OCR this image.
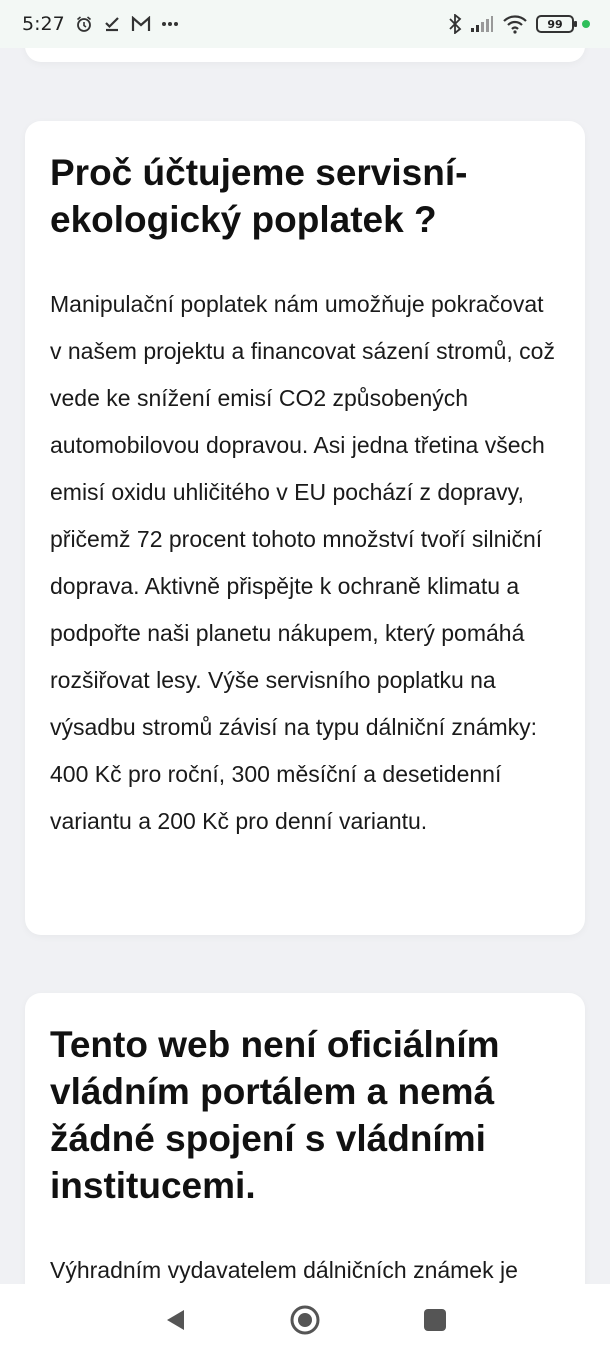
5:27	99
Proč účtujeme servisní-ekologický poplatek ?

Manipulační poplatek nám umožňuje pokračovat v našem projektu a financovat sázení stromů, což vede ke snížení emisí CO2 způsobených automobilovou dopravou. Asi jedna třetina všech emisí oxidu uhličitého v EU pochází z dopravy, přičemž 72 procent tohoto množství tvoří silniční doprava. Aktivně přispějte k ochraně klimatu a podpořte naši planetu nákupem, který pomáhá rozšiřovat lesy. Výše servisního poplatku na výsadbu stromů závisí na typu dálniční známky: 400 Kč pro roční, 300 měsíční a desetidenní variantu a 200 Kč pro denní variantu.

Tento web není oficiálním vládním portálem a nemá žádné spojení s vládními institucemi.

Výhradním vydavatelem dálničních známek je
